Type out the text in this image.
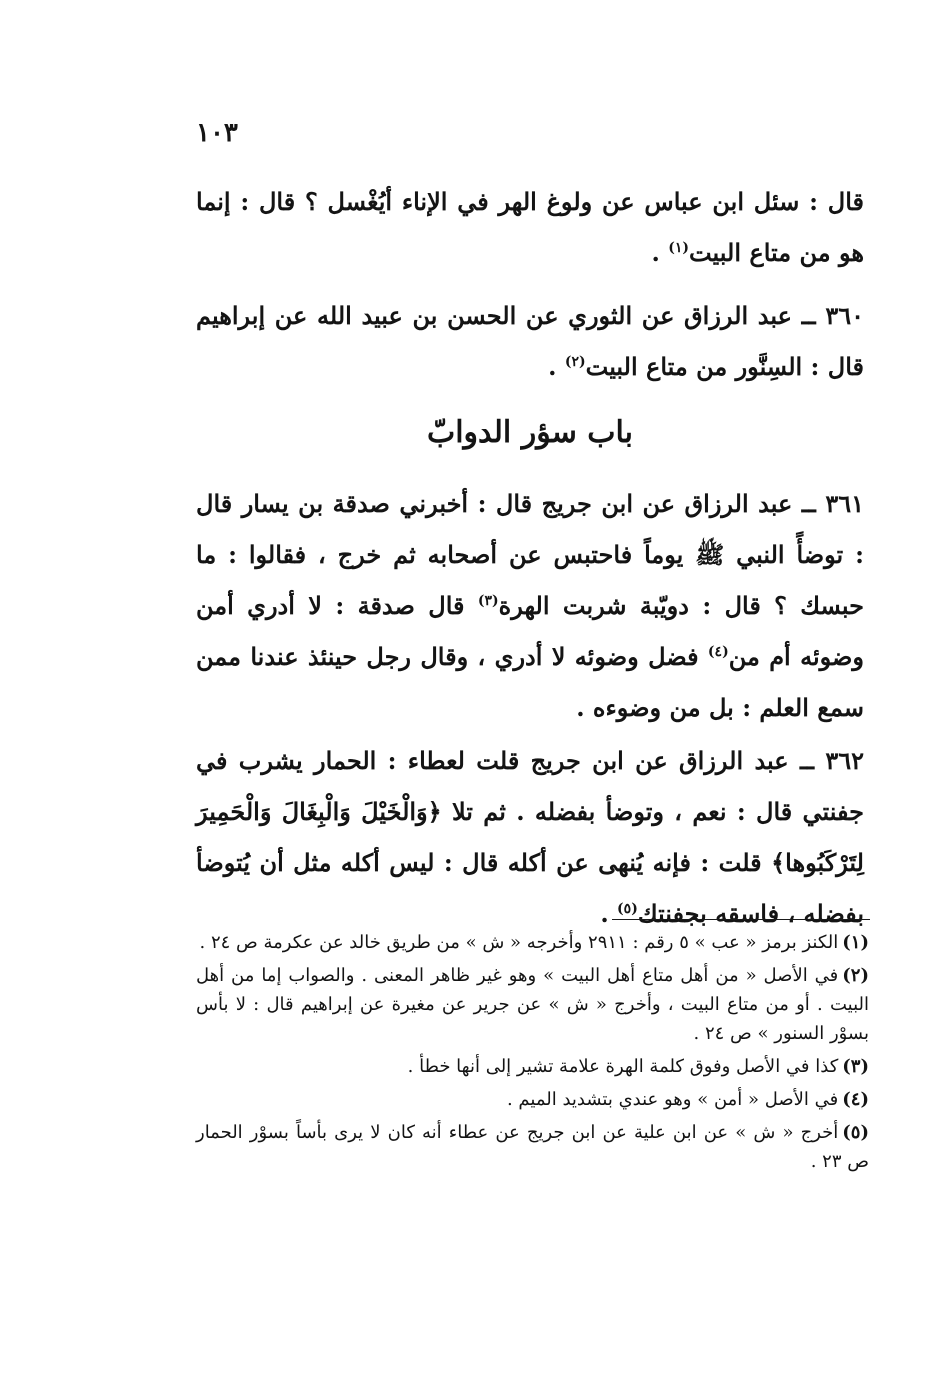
١٠٣

قال : سئل ابن عباس عن ولوغ الهر في الإناء أيُغْسل ؟ قال : إنما هو من متاع البيت$^{(١)}$ .

٣٦٠ ــ عبد الرزاق عن الثوري عن الحسن بن عبيد الله عن إبراهيم قال : السِنَّور من متاع البيت$^{(٢)}$ .

باب سؤر الدوابّ

٣٦١ ــ عبد الرزاق عن ابن جريج قال : أخبرني صدقة بن يسار قال : توضأً النبي ﷺ يوماً فاحتبس عن أصحابه ثم خرج ، فقالوا : ما حبسك ؟ قال : دويّبة شربت الهرة$^{(٣)}$ قال صدقة : لا أدري أمن وضوئه أم من$^{(٤)}$ فضل وضوئه لا أدري ، وقال رجل حينئذ عندنا ممن سمع العلم : بل من وضوءه .

٣٦٢ ــ عبد الرزاق عن ابن جريج قلت لعطاء : الحمار يشرب في جفنتي قال : نعم ، وتوضأ بفضله . ثم تلا ﴿وَالْخَيْلَ وَالْبِغَالَ وَالْحَمِيرَ لِتَرْكَبُوها﴾ قلت : فإنه يُنهى عن أكله قال : ليس أكله مثل أن يُتوضأ بفضله ، فاسقه بجفنتك$^{(٥)}$ .

(١)الكنز برمز « عب » ٥ رقم : ٢٩١١ وأخرجه « ش » من طريق خالد عن عكرمة ص ٢٤ .

(٢)في الأصل « من أهل متاع أهل البيت » وهو غير ظاهر المعنى . والصواب إما من أهل البيت . أو من متاع البيت ، وأخرج « ش » عن جرير عن مغيرة عن إبراهيم قال : لا بأس بسوْر السنور » ص ٢٤ .

(٣)كذا في الأصل وفوق كلمة الهرة علامة تشير إلى أنها خطأ .

(٤)في الأصل « أمن » وهو عندي بتشديد الميم .

(٥)أخرج « ش » عن ابن علية عن ابن جريج عن عطاء أنه كان لا يرى بأساً بسوْر الحمار ص ٢٣ .
